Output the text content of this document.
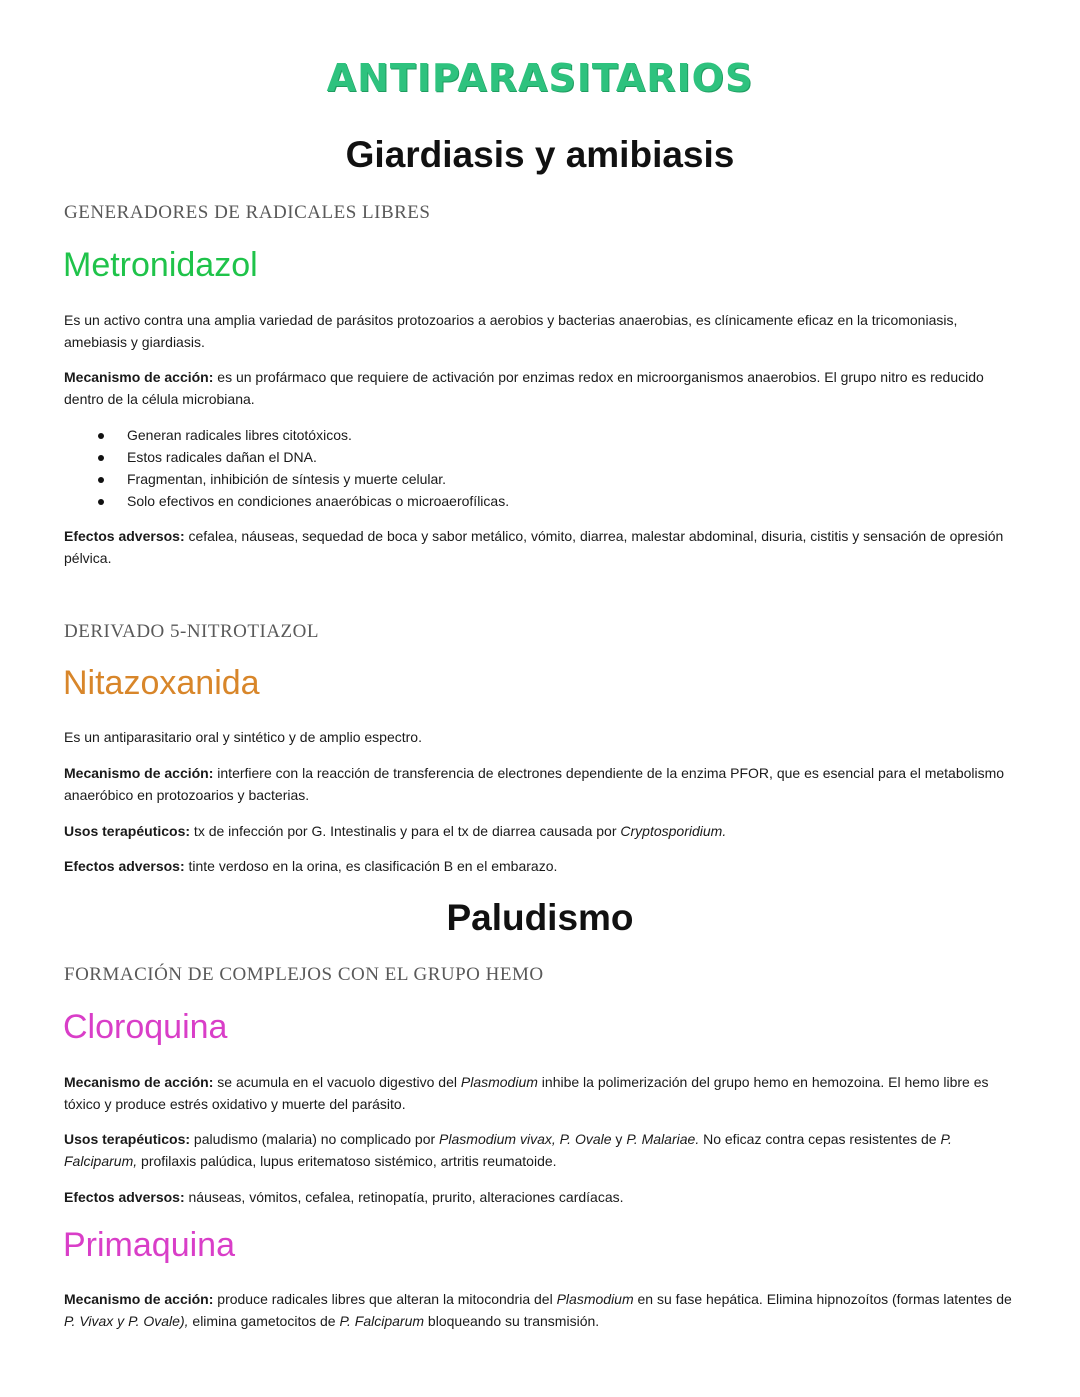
ANTIPARASITARIOS
Giardiasis y amibiasis
GENERADORES DE RADICALES LIBRES
Metronidazol
Es un activo contra una amplia variedad de parásitos protozoarios a aerobios y bacterias anaerobias, es clínicamente eficaz en la tricomoniasis, amebiasis y giardiasis.
Mecanismo de acción: es un profármaco que requiere de activación por enzimas redox en microorganismos anaerobios. El grupo nitro es reducido dentro de la célula microbiana.
Generan radicales libres citotóxicos.
Estos radicales dañan el DNA.
Fragmentan, inhibición de síntesis y muerte celular.
Solo efectivos en condiciones anaeróbicas o microaerofílicas.
Efectos adversos: cefalea, náuseas, sequedad de boca y sabor metálico, vómito, diarrea, malestar abdominal, disuria, cistitis y sensación de opresión pélvica.
DERIVADO 5-NITROTIAZOL
Nitazoxanida
Es un antiparasitario oral y sintético y de amplio espectro.
Mecanismo de acción: interfiere con la reacción de transferencia de electrones dependiente de la enzima PFOR, que es esencial para el metabolismo anaeróbico en protozoarios y bacterias.
Usos terapéuticos: tx de infección por G. Intestinalis y para el tx de diarrea causada por Cryptosporidium.
Efectos adversos: tinte verdoso en la orina, es clasificación B en el embarazo.
Paludismo
FORMACIÓN DE COMPLEJOS CON EL GRUPO HEMO
Cloroquina
Mecanismo de acción: se acumula en el vacuolo digestivo del Plasmodium inhibe la polimerización del grupo hemo en hemozoina. El hemo libre es tóxico y produce estrés oxidativo y muerte del parásito.
Usos terapéuticos: paludismo (malaria) no complicado por Plasmodium vivax, P. Ovale y P. Malariae. No eficaz contra cepas resistentes de P. Falciparum, profilaxis palúdica, lupus eritematoso sistémico, artritis reumatoide.
Efectos adversos: náuseas, vómitos, cefalea, retinopatía, prurito, alteraciones cardíacas.
Primaquina
Mecanismo de acción: produce radicales libres que alteran la mitocondria del Plasmodium en su fase hepática. Elimina hipnozoítos (formas latentes de P. Vivax y P. Ovale), elimina gametocitos de P. Falciparum bloqueando su transmisión.
